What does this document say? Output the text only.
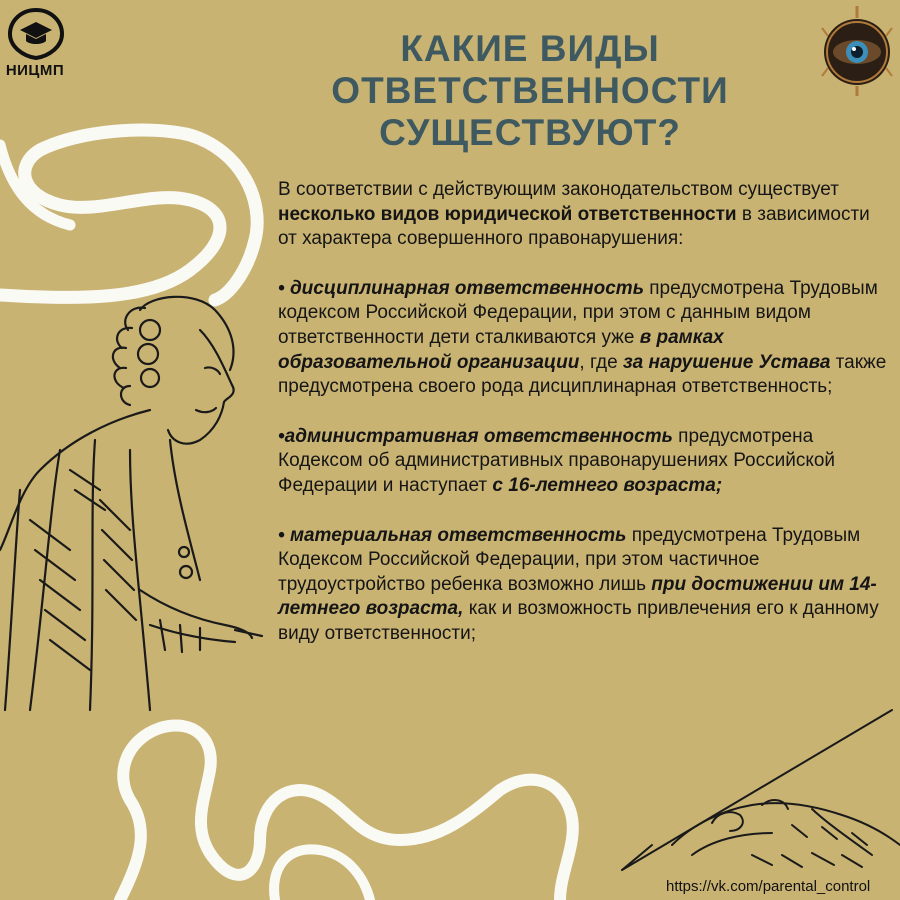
НИЦМП
КАКИЕ ВИДЫ
ОТВЕТСТВЕННОСТИ
СУЩЕСТВУЮТ?

В соответствии с действующим законодательством существует несколько видов юридической ответственности в зависимости от характера совершенного правонарушения:

• дисциплинарная ответственность предусмотрена Трудовым кодексом Российской Федерации, при этом с данным видом ответственности дети сталкиваются уже в рамках образовательной организации, где за нарушение Устава также предусмотрена своего рода дисциплинарная ответственность;

•административная ответственность предусмотрена Кодексом об административных правонарушениях Российской Федерации и наступает с 16-летнего возраста;

• материальная ответственность предусмотрена Трудовым Кодексом Российской Федерации, при этом частичное трудоустройство ребенка возможно лишь при достижении им 14-летнего возраста, как и возможность привлечения его к данному виду ответственности;

https://vk.com/parental_control
